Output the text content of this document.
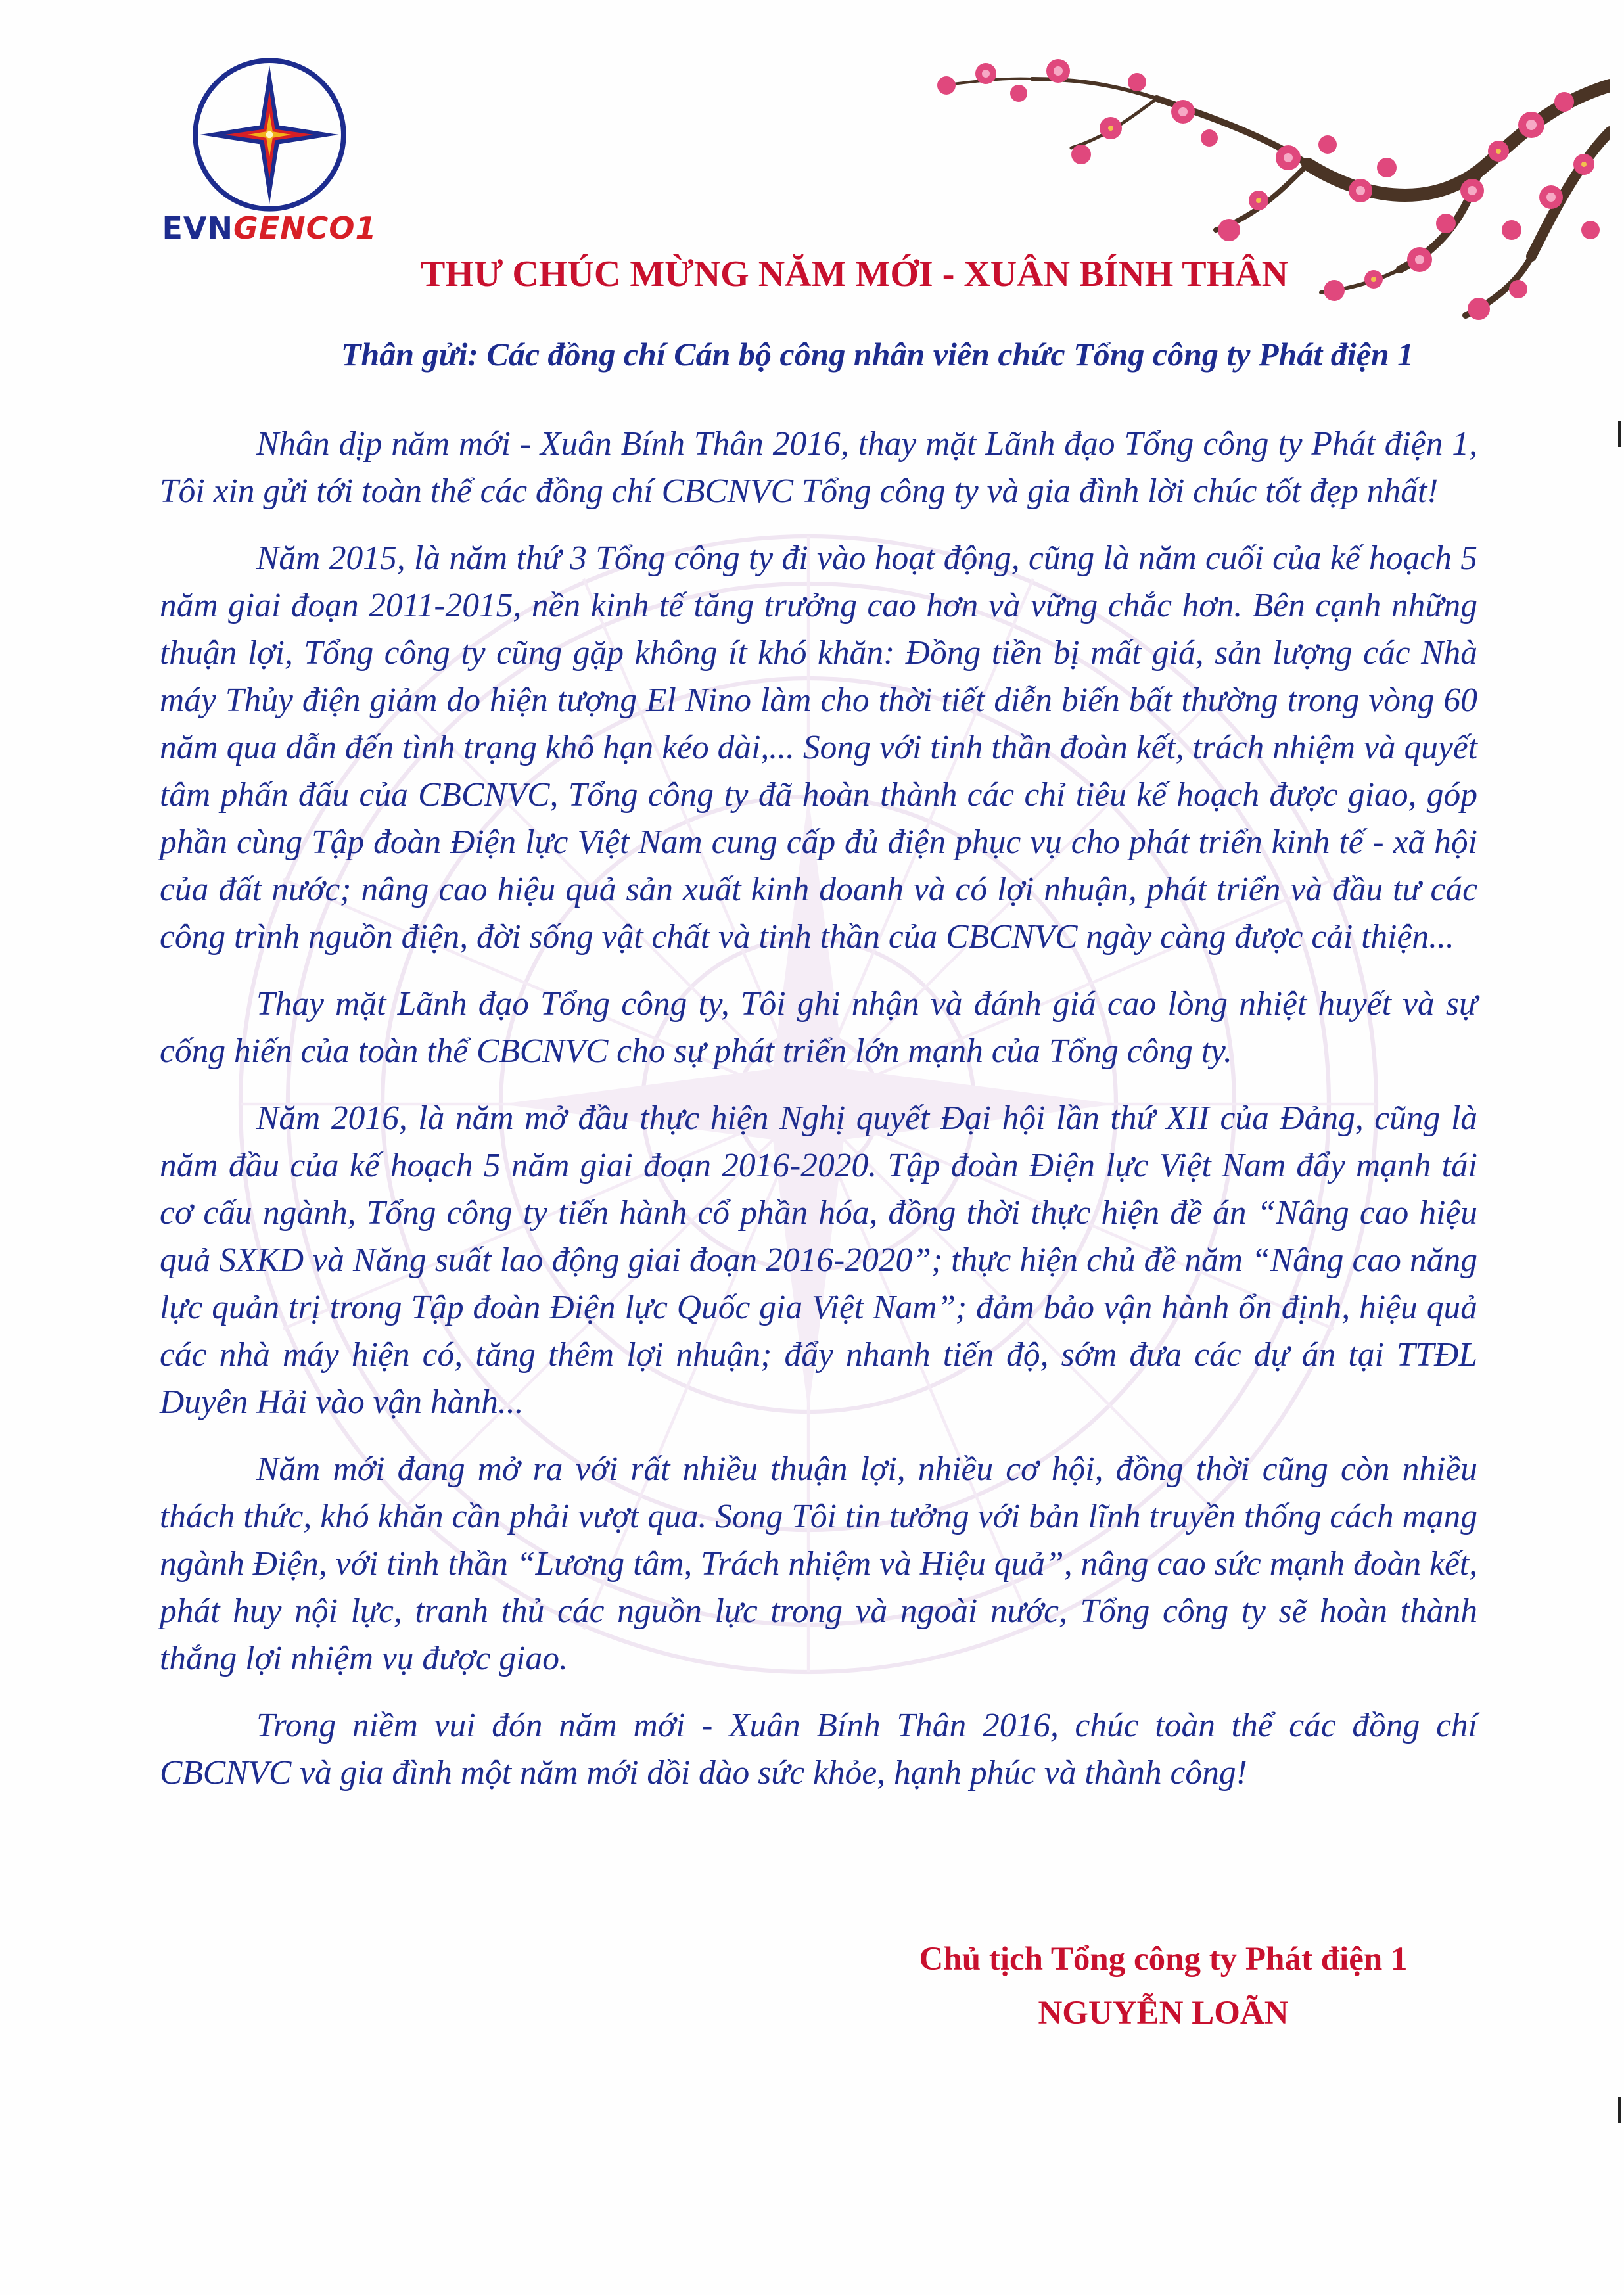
EVNGENCO1
THƯ CHÚC MỪNG NĂM MỚI - XUÂN BÍNH THÂN
Thân gửi: Các đồng chí Cán bộ công nhân viên chức Tổng công ty Phát điện 1

Nhân dịp năm mới - Xuân Bính Thân 2016, thay mặt Lãnh đạo Tổng công ty Phát điện 1, Tôi xin gửi tới toàn thể các đồng chí CBCNVC Tổng công ty và gia đình lời chúc tốt đẹp nhất!

Năm 2015, là năm thứ 3 Tổng công ty đi vào hoạt động, cũng là năm cuối của kế hoạch 5 năm giai đoạn 2011-2015, nền kinh tế tăng trưởng cao hơn và vững chắc hơn. Bên cạnh những thuận lợi, Tổng công ty cũng gặp không ít khó khăn: Đồng tiền bị mất giá, sản lượng các Nhà máy Thủy điện giảm do hiện tượng El Nino làm cho thời tiết diễn biến bất thường trong vòng 60 năm qua dẫn đến tình trạng khô hạn kéo dài,... Song với tinh thần đoàn kết, trách nhiệm và quyết tâm phấn đấu của CBCNVC, Tổng công ty đã hoàn thành các chỉ tiêu kế hoạch được giao, góp phần cùng Tập đoàn Điện lực Việt Nam cung cấp đủ điện phục vụ cho phát triển kinh tế - xã hội của đất nước; nâng cao hiệu quả sản xuất kinh doanh và có lợi nhuận, phát triển và đầu tư các công trình nguồn điện, đời sống vật chất và tinh thần của CBCNVC ngày càng được cải thiện...

Thay mặt Lãnh đạo Tổng công ty, Tôi ghi nhận và đánh giá cao lòng nhiệt huyết và sự cống hiến của toàn thể CBCNVC cho sự phát triển lớn mạnh của Tổng công ty.

Năm 2016, là năm mở đầu thực hiện Nghị quyết Đại hội lần thứ XII của Đảng, cũng là năm đầu của kế hoạch 5 năm giai đoạn 2016-2020. Tập đoàn Điện lực Việt Nam đẩy mạnh tái cơ cấu ngành, Tổng công ty tiến hành cổ phần hóa, đồng thời thực hiện đề án “Nâng cao hiệu quả SXKD và Năng suất lao động giai đoạn 2016-2020”; thực hiện chủ đề năm “Nâng cao năng lực quản trị trong Tập đoàn Điện lực Quốc gia Việt Nam”; đảm bảo vận hành ổn định, hiệu quả các nhà máy hiện có, tăng thêm lợi nhuận; đẩy nhanh tiến độ, sớm đưa các dự án tại TTĐL Duyên Hải vào vận hành...

Năm mới đang mở ra với rất nhiều thuận lợi, nhiều cơ hội, đồng thời cũng còn nhiều thách thức, khó khăn cần phải vượt qua. Song Tôi tin tưởng với bản lĩnh truyền thống cách mạng ngành Điện, với tinh thần “Lương tâm, Trách nhiệm và Hiệu quả”, nâng cao sức mạnh đoàn kết, phát huy nội lực, tranh thủ các nguồn lực trong và ngoài nước, Tổng công ty sẽ hoàn thành thắng lợi nhiệm vụ được giao.

Trong niềm vui đón năm mới - Xuân Bính Thân 2016, chúc toàn thể các đồng chí CBCNVC và gia đình một năm mới dồi dào sức khỏe, hạnh phúc và thành công!

Chủ tịch Tổng công ty Phát điện 1
NGUYỄN LOÃN
